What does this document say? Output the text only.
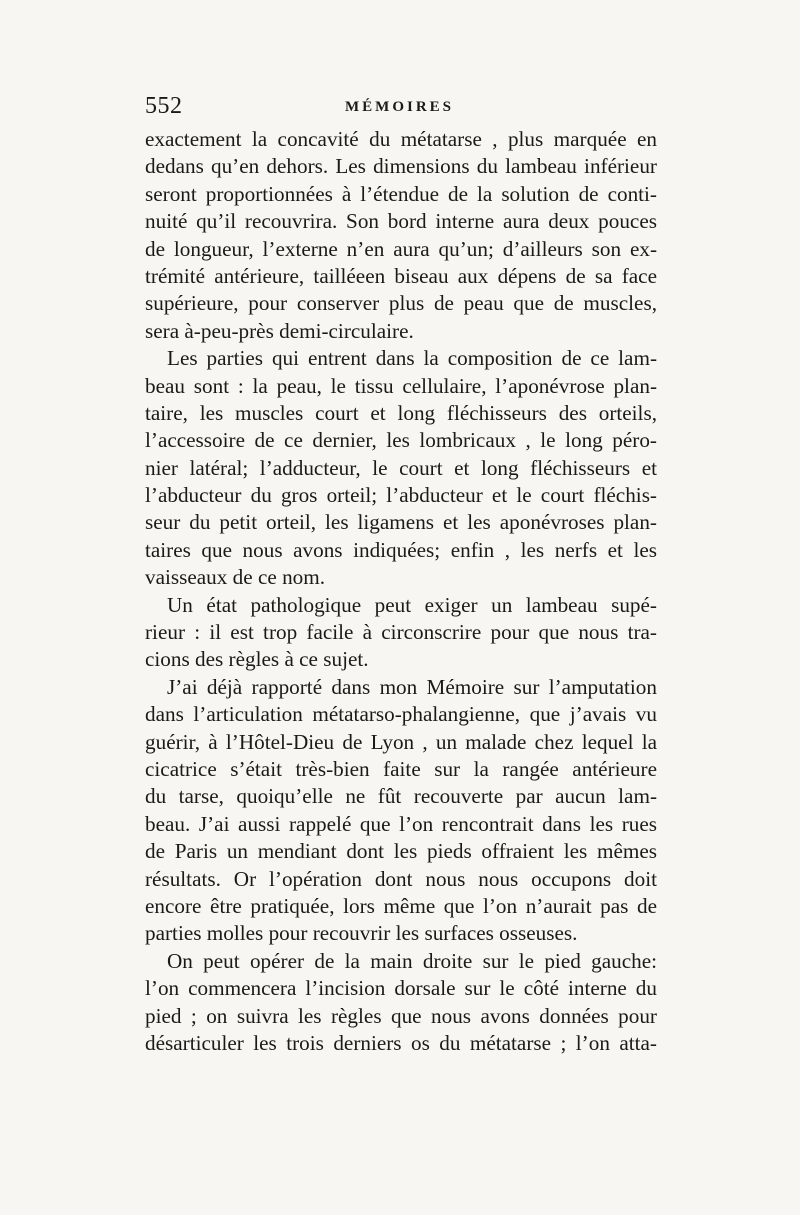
552	MÉMOIRES
exactement la concavité du métatarse , plus marquée en
dedans qu’en dehors. Les dimensions du lambeau inférieur
seront proportionnées à l’étendue de la solution de conti-
nuité qu’il recouvrira. Son bord interne aura deux pouces
de longueur, l’externe n’en aura qu’un; d’ailleurs son ex-
trémité antérieure, tailléeen biseau aux dépens de sa face
supérieure, pour conserver plus de peau que de muscles,
sera à-peu-près demi-circulaire.
Les parties qui entrent dans la composition de ce lam-
beau sont : la peau, le tissu cellulaire, l’aponévrose plan-
taire, les muscles court et long fléchisseurs des orteils,
l’accessoire de ce dernier, les lombricaux , le long péro-
nier latéral; l’adducteur, le court et long fléchisseurs et
l’abducteur du gros orteil; l’abducteur et le court fléchis-
seur du petit orteil, les ligamens et les aponévroses plan-
taires que nous avons indiquées; enfin , les nerfs et les
vaisseaux de ce nom.
Un état pathologique peut exiger un lambeau supé-
rieur : il est trop facile à circonscrire pour que nous tra-
cions des règles à ce sujet.
J’ai déjà rapporté dans mon Mémoire sur l’amputation
dans l’articulation métatarso-phalangienne, que j’avais vu
guérir, à l’Hôtel-Dieu de Lyon , un malade chez lequel la
cicatrice s’était très-bien faite sur la rangée antérieure
du tarse, quoiqu’elle ne fût recouverte par aucun lam-
beau. J’ai aussi rappelé que l’on rencontrait dans les rues
de Paris un mendiant dont les pieds offraient les mêmes
résultats. Or l’opération dont nous nous occupons doit
encore être pratiquée, lors même que l’on n’aurait pas de
parties molles pour recouvrir les surfaces osseuses.
On peut opérer de la main droite sur le pied gauche:
l’on commencera l’incision dorsale sur le côté interne du
pied ; on suivra les règles que nous avons données pour
désarticuler les trois derniers os du métatarse ; l’on atta-
